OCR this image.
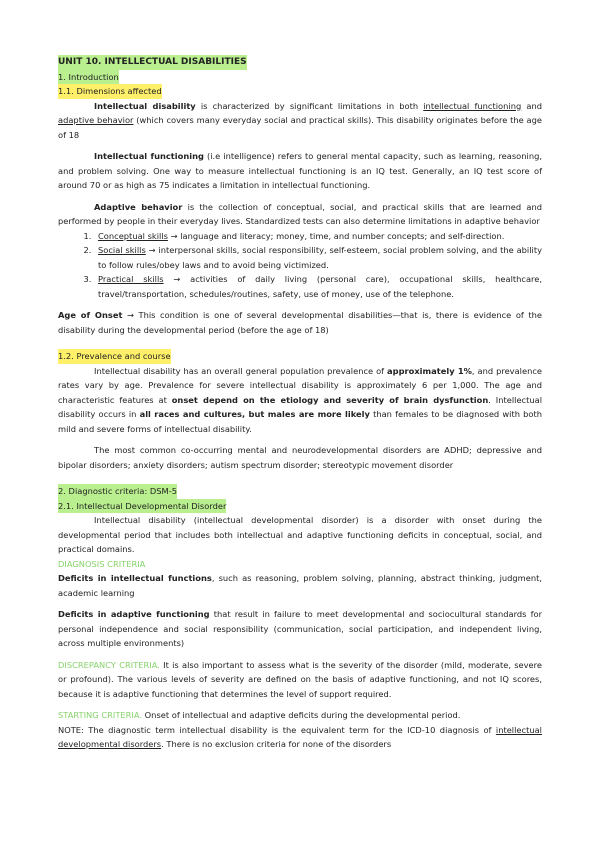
UNIT 10. INTELLECTUAL DISABILITIES
1. Introduction
1.1. Dimensions affected

Intellectual disability is characterized by significant limitations in both intellectual functioning and adaptive behavior (which covers many everyday social and practical skills). This disability originates before the age of 18

Intellectual functioning (i.e intelligence) refers to general mental capacity, such as learning, reasoning, and problem solving. One way to measure intellectual functioning is an IQ test. Generally, an IQ test score of around 70 or as high as 75 indicates a limitation in intellectual functioning.

Adaptive behavior is the collection of conceptual, social, and practical skills that are learned and performed by people in their everyday lives. Standardized tests can also determine limitations in adaptive behavior

1. Conceptual skills → language and literacy; money, time, and number concepts; and self-direction.
2. Social skills → interpersonal skills, social responsibility, self-esteem, social problem solving, and the ability to follow rules/obey laws and to avoid being victimized.
3. Practical skills → activities of daily living (personal care), occupational skills, healthcare, travel/transportation, schedules/routines, safety, use of money, use of the telephone.

Age of Onset → This condition is one of several developmental disabilities—that is, there is evidence of the disability during the developmental period (before the age of 18)

1.2. Prevalence and course

Intellectual disability has an overall general population prevalence of approximately 1%, and prevalence rates vary by age. Prevalence for severe intellectual disability is approximately 6 per 1,000. The age and characteristic features at onset depend on the etiology and severity of brain dysfunction. Intellectual disability occurs in all races and cultures, but males are more likely than females to be diagnosed with both mild and severe forms of intellectual disability.

The most common co-occurring mental and neurodevelopmental disorders are ADHD; depressive and bipolar disorders; anxiety disorders; autism spectrum disorder; stereotypic movement disorder

2. Diagnostic criteria: DSM-5
2.1. Intellectual Developmental Disorder

Intellectual disability (intellectual developmental disorder) is a disorder with onset during the developmental period that includes both intellectual and adaptive functioning deficits in conceptual, social, and practical domains.

DIAGNOSIS CRITERIA

Deficits in intellectual functions, such as reasoning, problem solving, planning, abstract thinking, judgment, academic learning

Deficits in adaptive functioning that result in failure to meet developmental and sociocultural standards for personal independence and social responsibility (communication, social participation, and independent living, across multiple environments)

DISCREPANCY CRITERIA. It is also important to assess what is the severity of the disorder (mild, moderate, severe or profound). The various levels of severity are defined on the basis of adaptive functioning, and not IQ scores, because it is adaptive functioning that determines the level of support required.

STARTING CRITERIA. Onset of intellectual and adaptive deficits during the developmental period.

NOTE: The diagnostic term intellectual disability is the equivalent term for the ICD-10 diagnosis of intellectual developmental disorders. There is no exclusion criteria for none of the disorders
